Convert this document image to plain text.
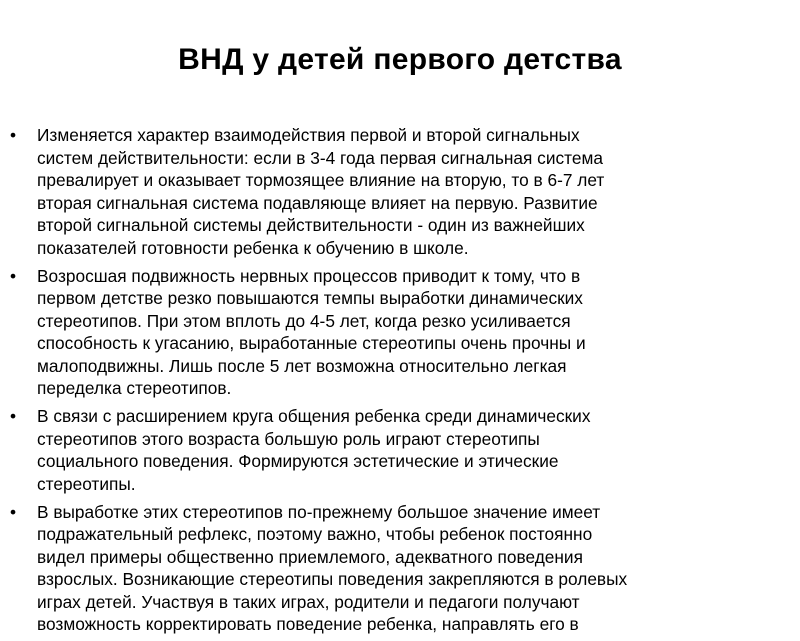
ВНД у детей первого детства
• Изменяется характер взаимодействия первой и второй сигнальных
систем действительности: если в 3-4 года первая сигнальная система
превалирует и оказывает тормозящее влияние на вторую, то в 6-7 лет
вторая сигнальная система подавляюще влияет на первую. Развитие
второй сигнальной системы действительности - один из важнейших
показателей готовности ребенка к обучению в школе.
• Возросшая подвижность нервных процессов приводит к тому, что в
первом детстве резко повышаются темпы выработки динамических
стереотипов. При этом вплоть до 4-5 лет, когда резко усиливается
способность к угасанию, выработанные стереотипы очень прочны и
малоподвижны. Лишь после 5 лет возможна относительно легкая
переделка стереотипов.
• В связи с расширением круга общения ребенка среди динамических
стереотипов этого возраста большую роль играют стереотипы
социального поведения. Формируются эстетические и этические
стереотипы.
• В выработке этих стереотипов по-прежнему большое значение имеет
подражательный рефлекс, поэтому важно, чтобы ребенок постоянно
видел примеры общественно приемлемого, адекватного поведения
взрослых. Возникающие стереотипы поведения закрепляются в ролевых
играх детей. Участвуя в таких играх, родители и педагоги получают
возможность корректировать поведение ребенка, направлять его в
